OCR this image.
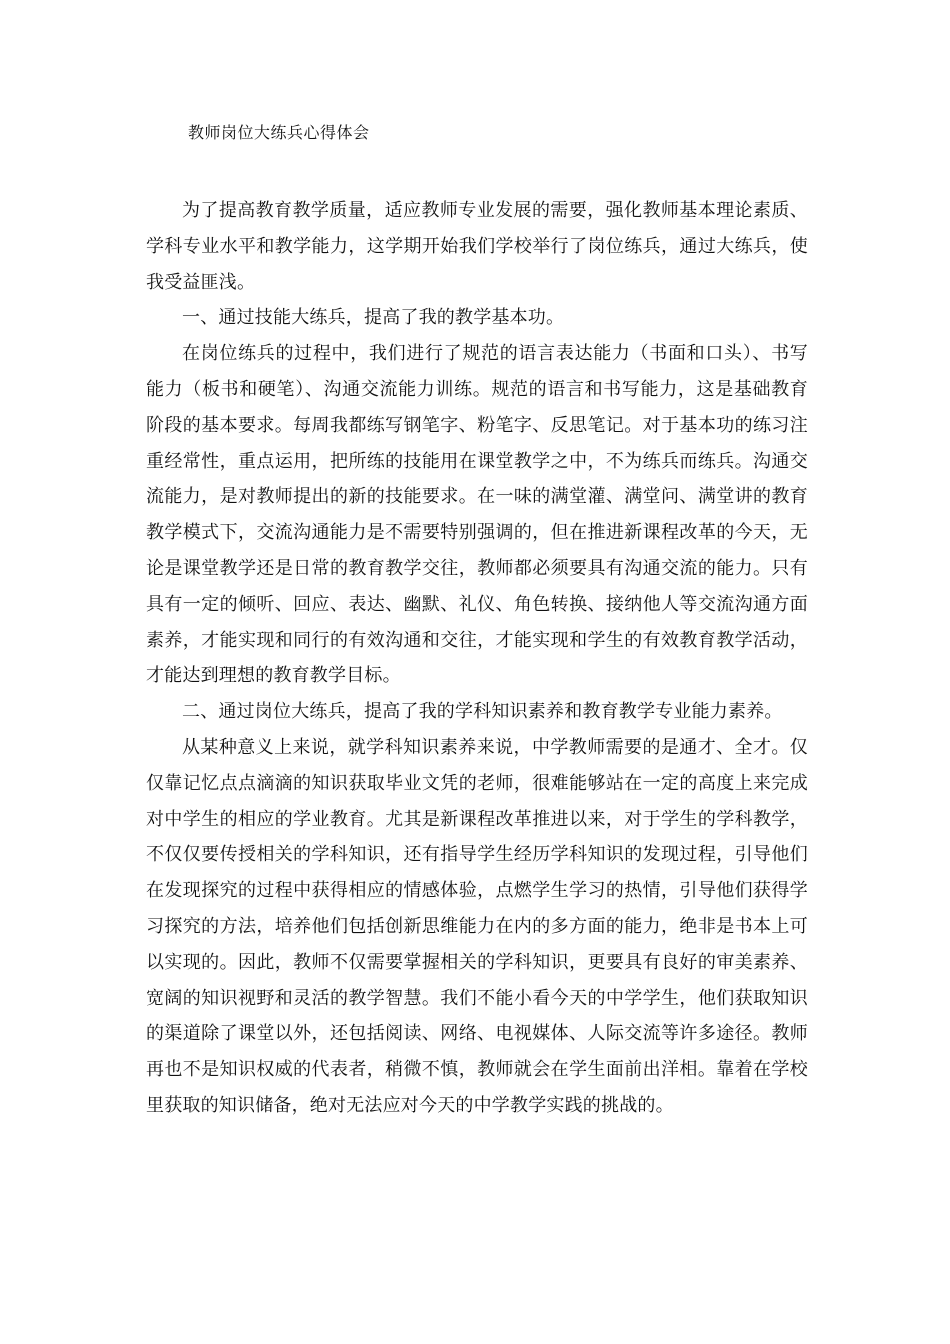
教师岗位大练兵心得体会

为了提高教育教学质量，适应教师专业发展的需要，强化教师基本理论素质、学科专业水平和教学能力，这学期开始我们学校举行了岗位练兵，通过大练兵，使我受益匪浅。

一、通过技能大练兵，提高了我的教学基本功。

在岗位练兵的过程中，我们进行了规范的语言表达能力（书面和口头）、书写能力（板书和硬笔）、沟通交流能力训练。规范的语言和书写能力，这是基础教育阶段的基本要求。每周我都练写钢笔字、粉笔字、反思笔记。对于基本功的练习注重经常性，重点运用，把所练的技能用在课堂教学之中，不为练兵而练兵。沟通交流能力，是对教师提出的新的技能要求。在一味的满堂灌、满堂问、满堂讲的教育教学模式下，交流沟通能力是不需要特别强调的，但在推进新课程改革的今天，无论是课堂教学还是日常的教育教学交往，教师都必须要具有沟通交流的能力。只有具有一定的倾听、回应、表达、幽默、礼仪、角色转换、接纳他人等交流沟通方面素养，才能实现和同行的有效沟通和交往，才能实现和学生的有效教育教学活动，才能达到理想的教育教学目标。

二、通过岗位大练兵，提高了我的学科知识素养和教育教学专业能力素养。

从某种意义上来说，就学科知识素养来说，中学教师需要的是通才、全才。仅仅靠记忆点点滴滴的知识获取毕业文凭的老师，很难能够站在一定的高度上来完成对中学生的相应的学业教育。尤其是新课程改革推进以来，对于学生的学科教学，不仅仅要传授相关的学科知识，还有指导学生经历学科知识的发现过程，引导他们在发现探究的过程中获得相应的情感体验，点燃学生学习的热情，引导他们获得学习探究的方法，培养他们包括创新思维能力在内的多方面的能力，绝非是书本上可以实现的。因此，教师不仅需要掌握相关的学科知识，更要具有良好的审美素养、宽阔的知识视野和灵活的教学智慧。我们不能小看今天的中学学生，他们获取知识的渠道除了课堂以外，还包括阅读、网络、电视媒体、人际交流等许多途径。教师再也不是知识权威的代表者，稍微不慎，教师就会在学生面前出洋相。靠着在学校里获取的知识储备，绝对无法应对今天的中学教学实践的挑战的。
